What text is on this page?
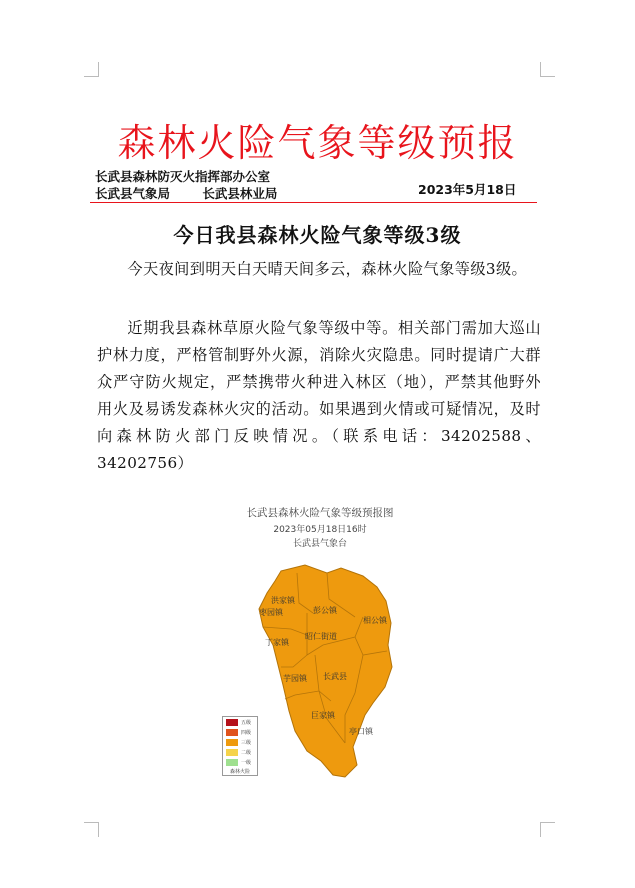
森林火险气象等级预报
长武县森林防灭火指挥部办公室
长武县气象局	长武县林业局	2023年5月18日
今日我县森林火险气象等级3级
今天夜间到明天白天晴天间多云，森林火险气象等级3级。
近期我县森林草原火险气象等级中等。相关部门需加大巡山护林力度，严格管制野外火源，消除火灾隐患。同时提请广大群众严守防火规定，严禁携带火种进入林区（地），严禁其他野外用火及易诱发森林火灾的活动。如果遇到火情或可疑情况，及时向森林防火部门反映情况。（联系电话：34202588、34202756）
洪家镇
彭公镇
枣园镇
相公镇
昭仁街道
丁家镇
芋园镇 长武县
巨家镇
亭口镇
长武县森林火险气象等级预报图
2023年05月18日16时
长武县气象台
五级
四级
三级
二级
一级
森林火险
